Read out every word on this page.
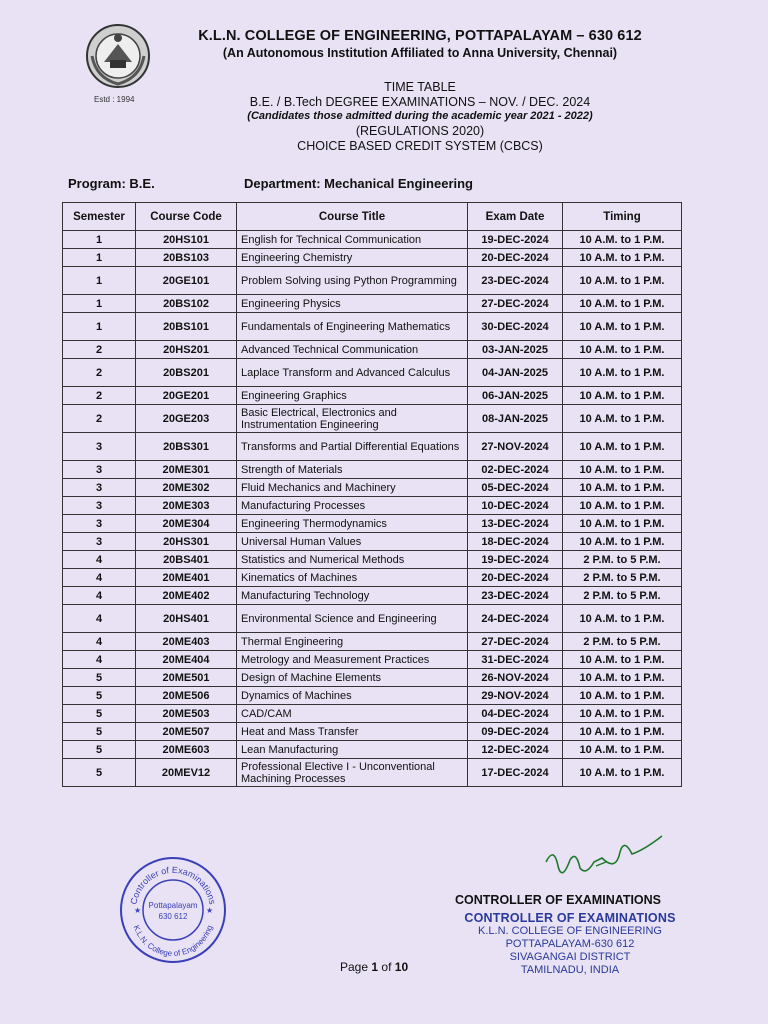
Estd : 1994
K.L.N. COLLEGE OF ENGINEERING, POTTAPALAYAM – 630 612
(An Autonomous Institution Affiliated to Anna University, Chennai)
TIME TABLE
B.E. / B.Tech DEGREE EXAMINATIONS – NOV. / DEC. 2024
(Candidates those admitted during the academic year 2021 - 2022)
(REGULATIONS 2020)
CHOICE BASED CREDIT SYSTEM (CBCS)
Program: B.E.	Department: Mechanical Engineering
Semester	Course Code	Course Title	Exam Date	Timing
1	20HS101	English for Technical Communication	19-DEC-2024	10 A.M. to 1 P.M.
1	20BS103	Engineering Chemistry	20-DEC-2024	10 A.M. to 1 P.M.
1	20GE101	Problem Solving using Python Programming	23-DEC-2024	10 A.M. to 1 P.M.
1	20BS102	Engineering Physics	27-DEC-2024	10 A.M. to 1 P.M.
1	20BS101	Fundamentals of Engineering Mathematics	30-DEC-2024	10 A.M. to 1 P.M.
2	20HS201	Advanced Technical Communication	03-JAN-2025	10 A.M. to 1 P.M.
2	20BS201	Laplace Transform and Advanced Calculus	04-JAN-2025	10 A.M. to 1 P.M.
2	20GE201	Engineering Graphics	06-JAN-2025	10 A.M. to 1 P.M.
2	20GE203	Basic Electrical, Electronics and Instrumentation Engineering	08-JAN-2025	10 A.M. to 1 P.M.
3	20BS301	Transforms and Partial Differential Equations	27-NOV-2024	10 A.M. to 1 P.M.
3	20ME301	Strength of Materials	02-DEC-2024	10 A.M. to 1 P.M.
3	20ME302	Fluid Mechanics and Machinery	05-DEC-2024	10 A.M. to 1 P.M.
3	20ME303	Manufacturing Processes	10-DEC-2024	10 A.M. to 1 P.M.
3	20ME304	Engineering Thermodynamics	13-DEC-2024	10 A.M. to 1 P.M.
3	20HS301	Universal Human Values	18-DEC-2024	10 A.M. to 1 P.M.
4	20BS401	Statistics and Numerical Methods	19-DEC-2024	2 P.M. to 5 P.M.
4	20ME401	Kinematics of Machines	20-DEC-2024	2 P.M. to 5 P.M.
4	20ME402	Manufacturing Technology	23-DEC-2024	2 P.M. to 5 P.M.
4	20HS401	Environmental Science and Engineering	24-DEC-2024	10 A.M. to 1 P.M.
4	20ME403	Thermal Engineering	27-DEC-2024	2 P.M. to 5 P.M.
4	20ME404	Metrology and Measurement Practices	31-DEC-2024	10 A.M. to 1 P.M.
5	20ME501	Design of Machine Elements	26-NOV-2024	10 A.M. to 1 P.M.
5	20ME506	Dynamics of Machines	29-NOV-2024	10 A.M. to 1 P.M.
5	20ME503	CAD/CAM	04-DEC-2024	10 A.M. to 1 P.M.
5	20ME507	Heat and Mass Transfer	09-DEC-2024	10 A.M. to 1 P.M.
5	20ME603	Lean Manufacturing	12-DEC-2024	10 A.M. to 1 P.M.
5	20MEV12	Professional Elective I - Unconventional Machining Processes	17-DEC-2024	10 A.M. to 1 P.M.
Controller of Examinations
K.L.N. College of Engineering
Pottapalayam
630 612
★	★
CONTROLLER OF EXAMINATIONS
CONTROLLER OF EXAMINATIONS
K.L.N. COLLEGE OF ENGINEERING
POTTAPALAYAM-630 612
SIVAGANGAI DISTRICT
TAMILNADU, INDIA
Page 1 of 10
